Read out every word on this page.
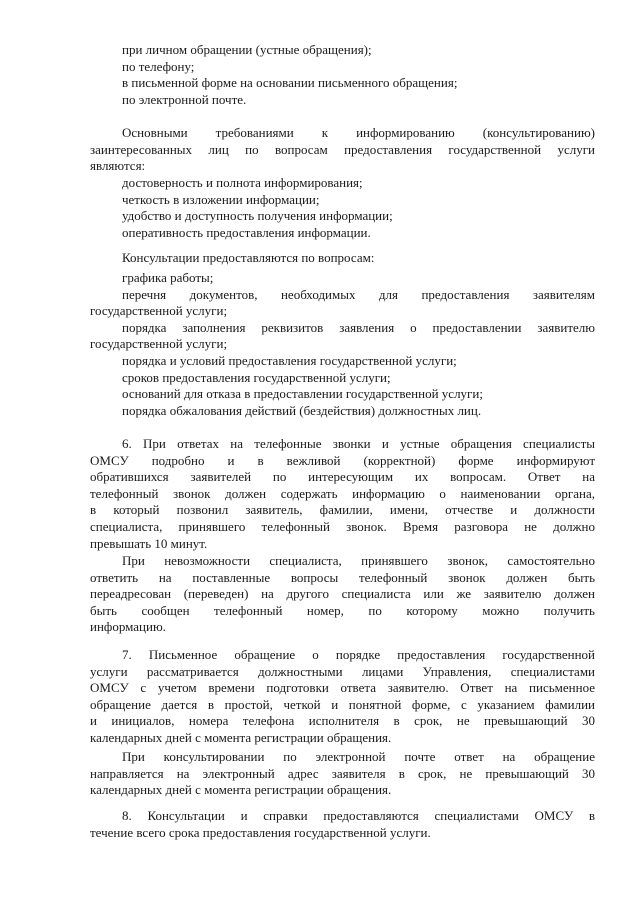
при личном обращении (устные обращения);
по телефону;
в письменной форме на основании письменного обращения;
по электронной почте.
Основными требованиями к информированию (консультированию)
заинтересованных лиц по вопросам предоставления государственной услуги
являются:
достоверность и полнота информирования;
четкость в изложении информации;
удобство и доступность получения информации;
оперативность предоставления информации.
Консультации предоставляются по вопросам:
графика работы;
перечня документов, необходимых для предоставления заявителям
государственной услуги;
порядка заполнения реквизитов заявления о предоставлении заявителю
государственной услуги;
порядка и условий предоставления государственной услуги;
сроков предоставления государственной услуги;
оснований для отказа в предоставлении государственной услуги;
порядка обжалования действий (бездействия) должностных лиц.
6. При ответах на телефонные звонки и устные обращения специалисты
ОМСУ подробно и в вежливой (корректной) форме информируют
обратившихся заявителей по интересующим их вопросам. Ответ на
телефонный звонок должен содержать информацию о наименовании органа,
в который позвонил заявитель, фамилии, имени, отчестве и должности
специалиста, принявшего телефонный звонок. Время разговора не должно
превышать 10 минут.
При невозможности специалиста, принявшего звонок, самостоятельно
ответить на поставленные вопросы телефонный звонок должен быть
переадресован (переведен) на другого специалиста или же заявителю должен
быть сообщен телефонный номер, по которому можно получить
информацию.
7. Письменное обращение о порядке предоставления государственной
услуги рассматривается должностными лицами Управления, специалистами
ОМСУ с учетом времени подготовки ответа заявителю. Ответ на письменное
обращение дается в простой, четкой и понятной форме, с указанием фамилии
и инициалов, номера телефона исполнителя в срок, не превышающий 30
календарных дней с момента регистрации обращения.
При консультировании по электронной почте ответ на обращение
направляется на электронный адрес заявителя в срок, не превышающий 30
календарных дней с момента регистрации обращения.
8. Консультации и справки предоставляются специалистами ОМСУ в
течение всего срока предоставления государственной услуги.
